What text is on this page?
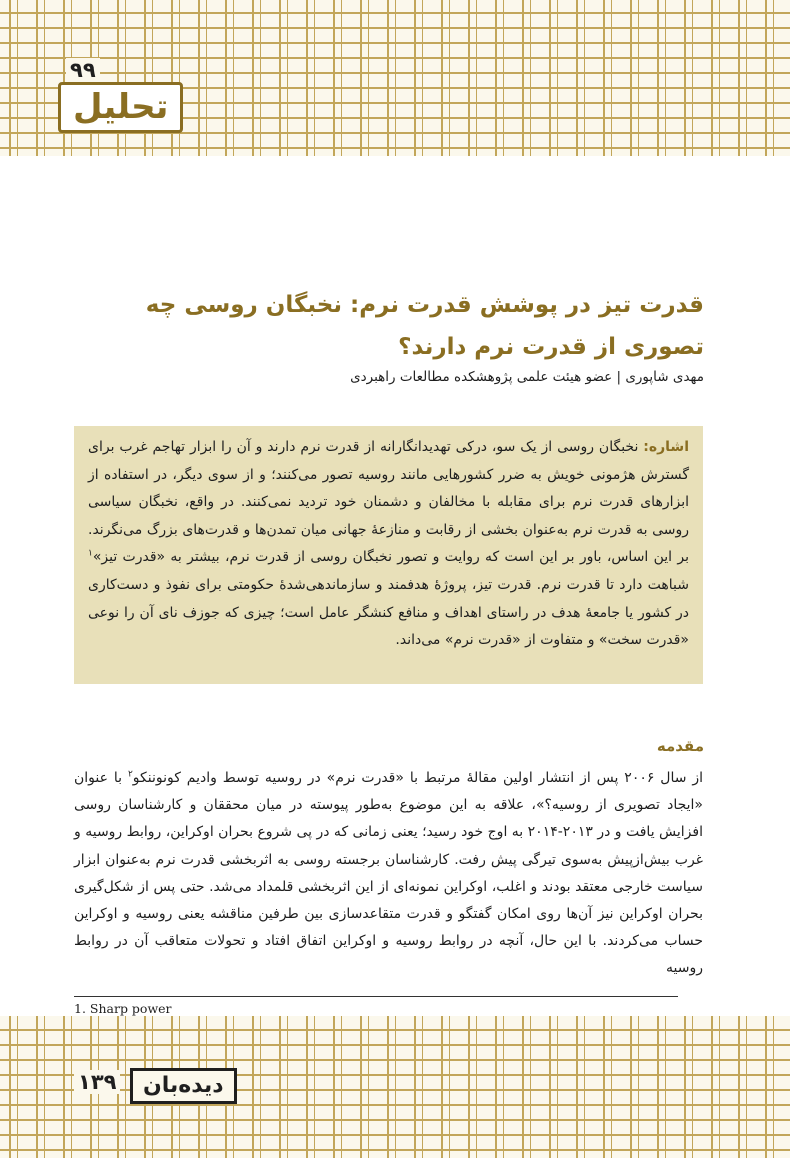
۹۹
تحلیل
قدرت تیز در پوشش قدرت نرم: نخبگان روسی چه تصوری از قدرت نرم دارند؟

مهدی شاپوری | عضو هیئت علمی پژوهشکده مطالعات راهبردی

اشاره: نخبگان روسی از یک سو، درکی تهدیدانگارانه از قدرت نرم دارند و آن را ابزار تهاجم غرب برای گسترش هژمونی خویش به ضرر کشورهایی مانند روسیه تصور می‌کنند؛ و از سوی دیگر، در استفاده از ابزارهای قدرت نرم برای مقابله با مخالفان و دشمنان خود تردید نمی‌کنند. در واقع، نخبگان سیاسی روسی به قدرت نرم به‌عنوان بخشی از رقابت و منازعهٔ جهانی میان تمدن‌ها و قدرت‌های بزرگ می‌نگرند. بر این اساس، باور بر این است که روایت و تصور نخبگان روسی از قدرت نرم، بیشتر به «قدرت تیز»$^۱$ شباهت دارد تا قدرت نرم. قدرت تیز، پروژهٔ هدفمند و سازماندهی‌شدهٔ حکومتی برای نفوذ و دست‌کاری در کشور یا جامعهٔ هدف در راستای اهداف و منافع کنشگر عامل است؛ چیزی که جوزف نای آن را نوعی «قدرت سخت» و متفاوت از «قدرت نرم» می‌داند.
مقدمه

از سال ۲۰۰۶ پس از انتشار اولین مقالهٔ مرتبط با «قدرت نرم» در روسیه توسط وادیم کونوننکو$^۲$ با عنوان «ایجاد تصویری از روسیه؟»، علاقه به این موضوع به‌طور پیوسته در میان محققان و کارشناسان روسی افزایش یافت و در ۲۰۱۳-۲۰۱۴ به اوج خود رسید؛ یعنی زمانی که در پی شروع بحران اوکراین، روابط روسیه و غرب بیش‌ازپیش به‌سوی تیرگی پیش رفت. کارشناسان برجسته روسی به اثربخشی قدرت نرم به‌عنوان ابزار سیاست خارجی معتقد بودند و اغلب، اوکراین نمونه‌ای از این اثربخشی قلمداد می‌شد. حتی پس از شکل‌گیری بحران اوکراین نیز آن‌ها روی امکان گفتگو و قدرت متقاعدسازی بین طرفین مناقشه یعنی روسیه و اوکراین حساب می‌کردند. با این حال، آنچه در روابط روسیه و اوکراین اتفاق افتاد و تحولات متعاقب آن در روابط روسیه

1. Sharp power
۱۳۹	دیده‌بان
